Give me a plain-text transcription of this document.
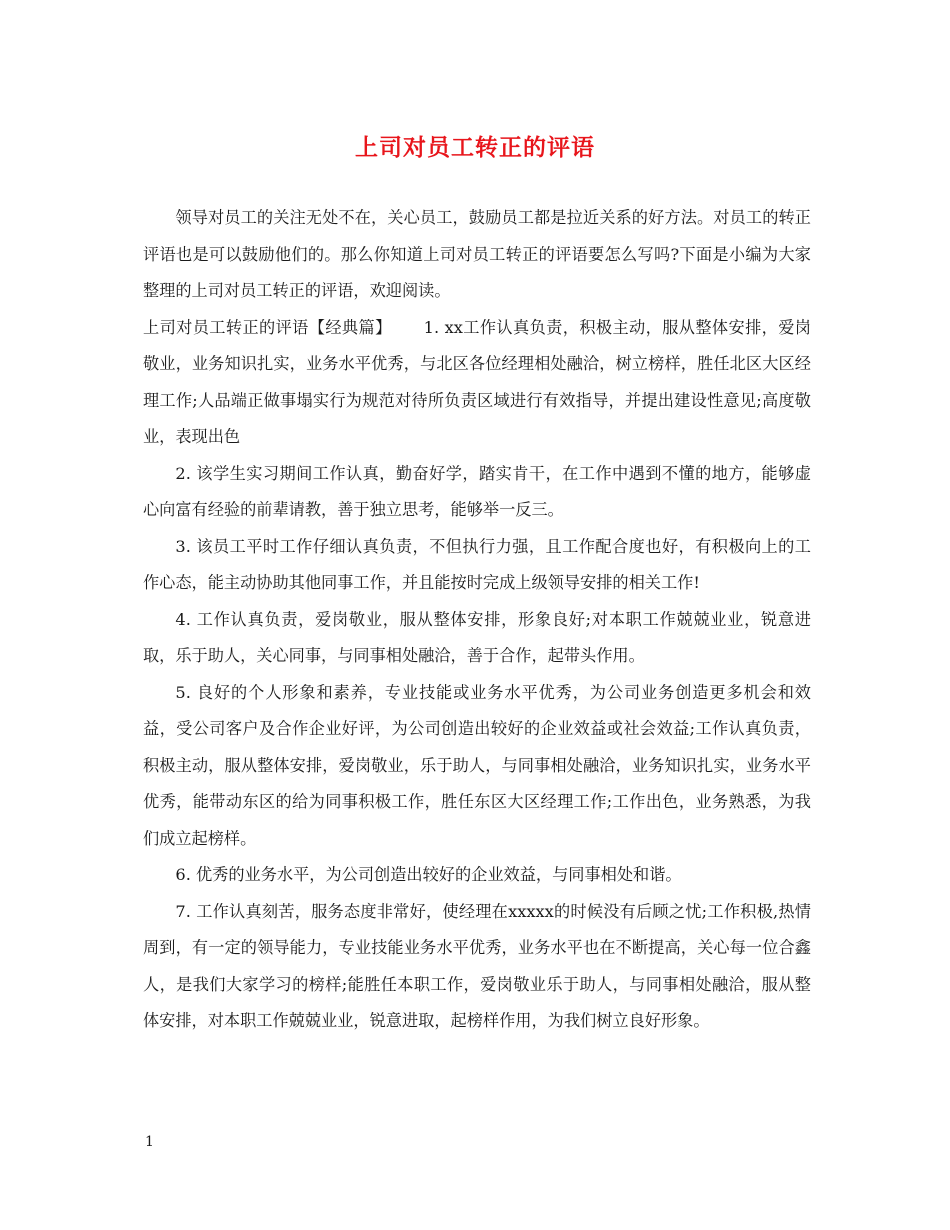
上司对员工转正的评语

领导对员工的关注无处不在，关心员工，鼓励员工都是拉近关系的好方法。对员工的转正评语也是可以鼓励他们的。那么你知道上司对员工转正的评语要怎么写吗?下面是小编为大家整理的上司对员工转正的评语，欢迎阅读。

上司对员工转正的评语【经典篇】 1. xx工作认真负责，积极主动，服从整体安排，爱岗敬业，业务知识扎实，业务水平优秀，与北区各位经理相处融洽，树立榜样，胜任北区大区经理工作;人品端正做事塌实行为规范对待所负责区域进行有效指导，并提出建设性意见;高度敬业，表现出色

2. 该学生实习期间工作认真，勤奋好学，踏实肯干，在工作中遇到不懂的地方，能够虚心向富有经验的前辈请教，善于独立思考，能够举一反三。

3. 该员工平时工作仔细认真负责，不但执行力强，且工作配合度也好，有积极向上的工作心态，能主动协助其他同事工作，并且能按时完成上级领导安排的相关工作!

4. 工作认真负责，爱岗敬业，服从整体安排，形象良好;对本职工作兢兢业业，锐意进取，乐于助人，关心同事，与同事相处融洽，善于合作，起带头作用。

5. 良好的个人形象和素养，专业技能或业务水平优秀，为公司业务创造更多机会和效益，受公司客户及合作企业好评，为公司创造出较好的企业效益或社会效益;工作认真负责，积极主动，服从整体安排，爱岗敬业，乐于助人，与同事相处融洽，业务知识扎实，业务水平优秀，能带动东区的给为同事积极工作，胜任东区大区经理工作;工作出色，业务熟悉，为我们成立起榜样。

6. 优秀的业务水平，为公司创造出较好的企业效益，与同事相处和谐。

7. 工作认真刻苦，服务态度非常好，使经理在xxxxx的时候没有后顾之忧;工作积极,热情周到，有一定的领导能力，专业技能业务水平优秀，业务水平也在不断提高，关心每一位合鑫人，是我们大家学习的榜样;能胜任本职工作，爱岗敬业乐于助人，与同事相处融洽，服从整体安排，对本职工作兢兢业业，锐意进取，起榜样作用，为我们树立良好形象。

1
